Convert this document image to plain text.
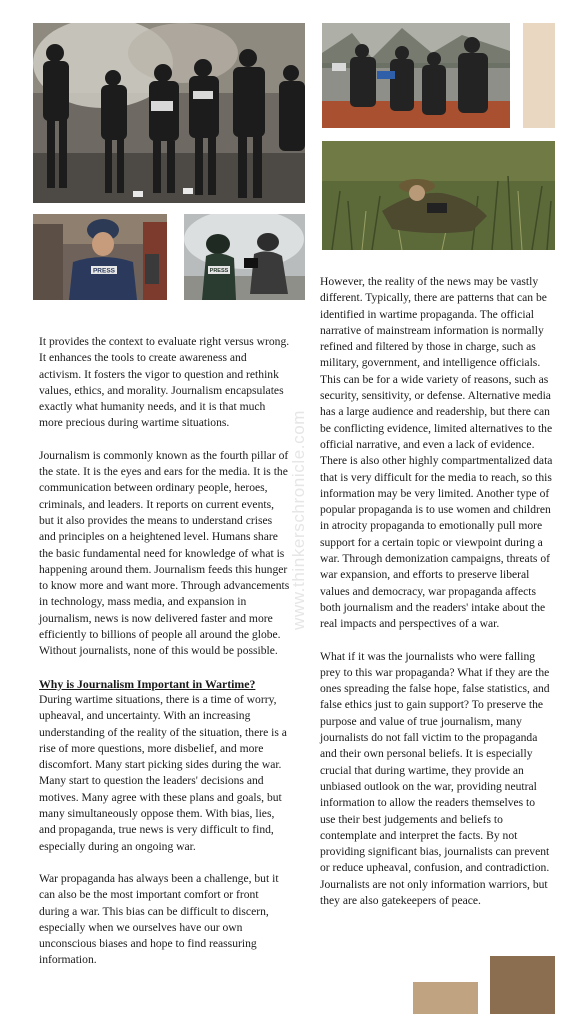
PRESS	PRESS
www.thinkerschronicle.com

It provides the context to evaluate right versus wrong. It enhances the tools to create awareness and activism. It fosters the vigor to question and rethink values, ethics, and morality. Journalism encapsulates exactly what humanity needs, and it is that much more precious during wartime situations.

Journalism is commonly known as the fourth pillar of the state. It is the eyes and ears for the media. It is the communication between ordinary people, heroes, criminals, and leaders. It reports on current events, but it also provides the means to understand crises and principles on a heightened level. Humans share the basic fundamental need for knowledge of what is happening around them. Journalism feeds this hunger to know more and want more. Through advancements in technology, mass media, and expansion in journalism, news is now delivered faster and more efficiently to billions of people all around the globe. Without journalists, none of this would be possible.

Why is Journalism Important in Wartime?

During wartime situations, there is a time of worry, upheaval, and uncertainty. With an increasing understanding of the reality of the situation, there is a rise of more questions, more disbelief, and more discomfort. Many start picking sides during the war. Many start to question the leaders' decisions and motives. Many agree with these plans and goals, but many simultaneously oppose them. With bias, lies, and propaganda, true news is very difficult to find, especially during an ongoing war.

War propaganda has always been a challenge, but it can also be the most important comfort or front during a war. This bias can be difficult to discern, especially when we ourselves have our own unconscious biases and hope to find reassuring information.

However, the reality of the news may be vastly different. Typically, there are patterns that can be identified in wartime propaganda. The official narrative of mainstream information is normally refined and filtered by those in charge, such as military, government, and intelligence officials. This can be for a wide variety of reasons, such as security, sensitivity, or defense. Alternative media has a large audience and readership, but there can be conflicting evidence, limited alternatives to the official narrative, and even a lack of evidence. There is also other highly compartmentalized data that is very difficult for the media to reach, so this information may be very limited. Another type of popular propaganda is to use women and children in atrocity propaganda to emotionally pull more support for a certain topic or viewpoint during a war. Through demonization campaigns, threats of war expansion, and efforts to preserve liberal values and democracy, war propaganda affects both journalism and the readers' intake about the real impacts and perspectives of a war.

What if it was the journalists who were falling prey to this war propaganda? What if they are the ones spreading the false hope, false statistics, and false ethics just to gain support? To preserve the purpose and value of true journalism, many journalists do not fall victim to the propaganda and their own personal beliefs. It is especially crucial that during wartime, they provide an unbiased outlook on the war, providing neutral information to allow the readers themselves to use their best judgements and beliefs to contemplate and interpret the facts. By not providing significant bias, journalists can prevent or reduce upheaval, confusion, and contradiction. Journalists are not only information warriors, but they are also gatekeepers of peace.
